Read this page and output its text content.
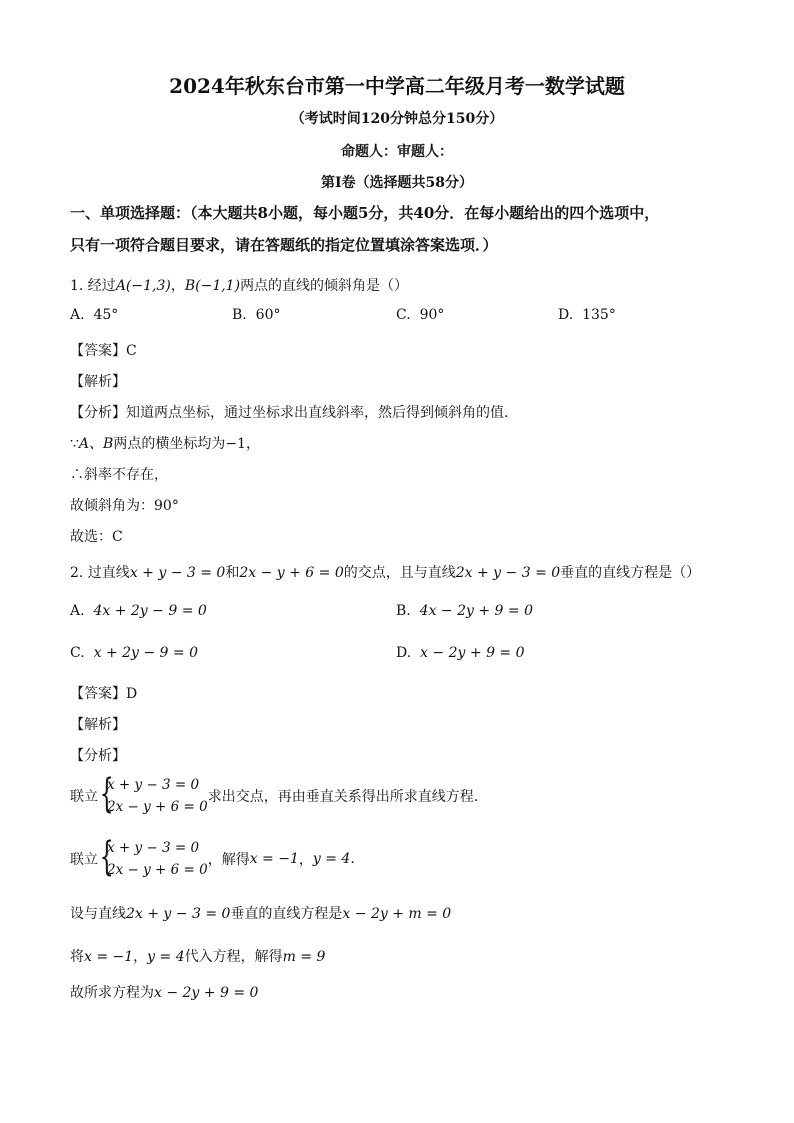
2024年秋东台市第一中学高二年级月考一数学试题
（考试时间120分钟总分150分）
命题人：审题人：
第Ⅰ卷（选择题共58分）
一、单项选择题：（本大题共8小题，每小题5分，共40分．在每小题给出的四个选项中，
只有一项符合题目要求，请在答题纸的指定位置填涂答案选项．）
1. 经过A(−1,3)，B(−1,1)两点的直线的倾斜角是（）
A. 45°	B. 60°	C. 90°	D. 135°
【答案】C
【解析】
【分析】知道两点坐标，通过坐标求出直线斜率，然后得到倾斜角的值.
∵A、B两点的横坐标均为−1，
∴斜率不存在，
故倾斜角为：90°
故选：C
2. 过直线x + y − 3 = 0和2x − y + 6 = 0的交点，且与直线2x + y − 3 = 0垂直的直线方程是（）
A. 4x + 2y − 9 = 0	B. 4x − 2y + 9 = 0
C. x + 2y − 9 = 0	D. x − 2y + 9 = 0
【答案】D
【解析】
【分析】
联立
{ x + y − 3 = 0
2x − y + 6 = 0
求出交点，再由垂直关系得出所求直线方程.
联立
{ x + y − 3 = 0
2x − y + 6 = 0
，解得 x = −1 ， y = 4 .
设与直线2x + y − 3 = 0垂直的直线方程是x − 2y + m = 0
将x = −1，y = 4代入方程，解得m = 9
故所求方程为x − 2y + 9 = 0
